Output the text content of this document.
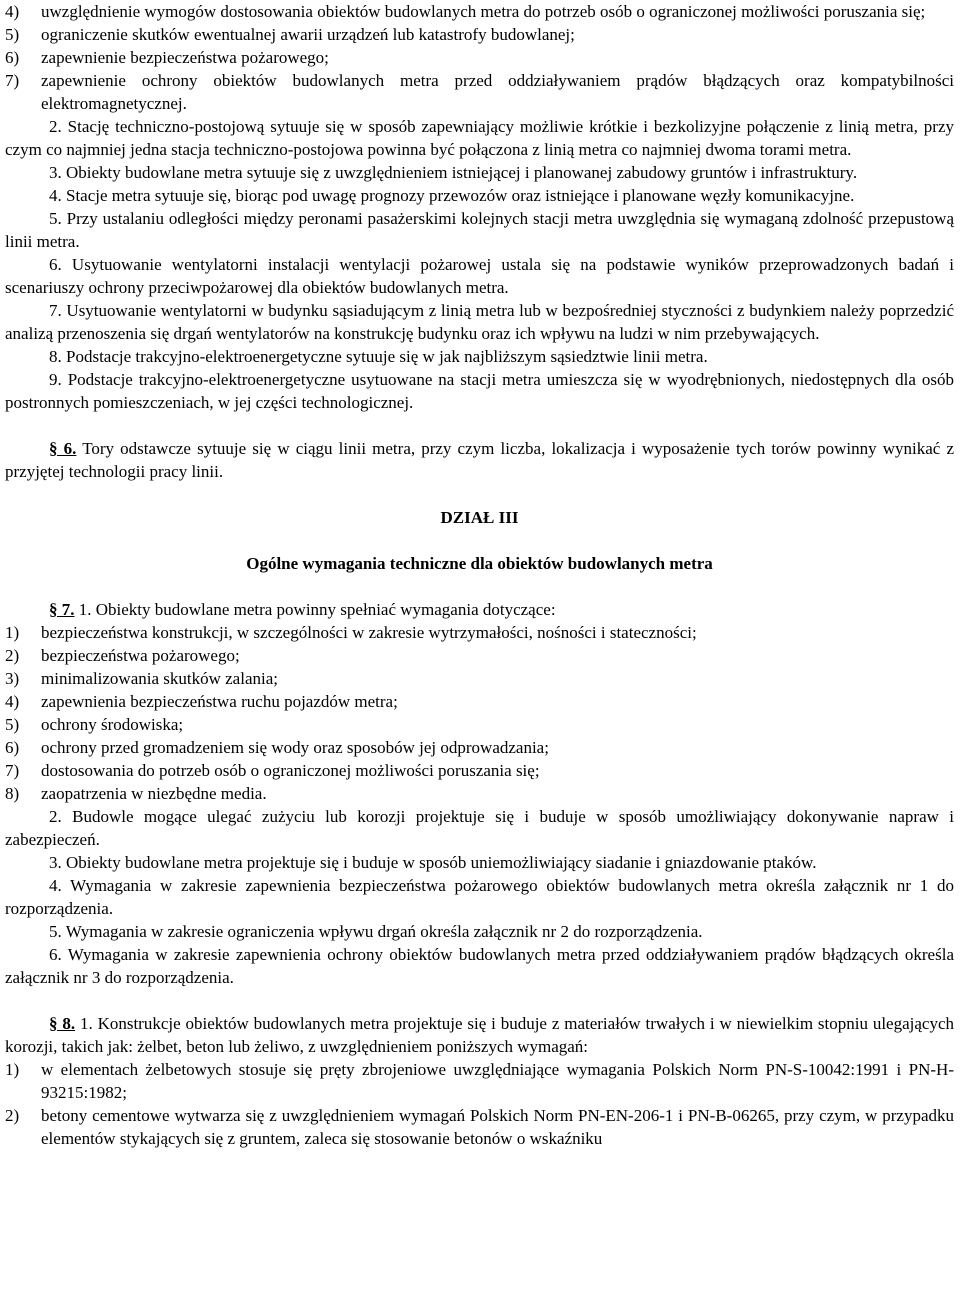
4)	uwzględnienie wymogów dostosowania obiektów budowlanych metra do potrzeb osób o ograniczonej możliwości poruszania się;
5)	ograniczenie skutków ewentualnej awarii urządzeń lub katastrofy budowlanej;
6)	zapewnienie bezpieczeństwa pożarowego;
7)	zapewnienie ochrony obiektów budowlanych metra przed oddziaływaniem prądów błądzących oraz kompatybilności elektromagnetycznej.

2. Stację techniczno-postojową sytuuje się w sposób zapewniający możliwie krótkie i bezkolizyjne połączenie z linią metra, przy czym co najmniej jedna stacja techniczno-postojowa powinna być połączona z linią metra co najmniej dwoma torami metra.

3. Obiekty budowlane metra sytuuje się z uwzględnieniem istniejącej i planowanej zabudowy gruntów i infrastruktury.

4. Stacje metra sytuuje się, biorąc pod uwagę prognozy przewozów oraz istniejące i planowane węzły komunikacyjne.

5. Przy ustalaniu odległości między peronami pasażerskimi kolejnych stacji metra uwzględnia się wymaganą zdolność przepustową linii metra.

6. Usytuowanie wentylatorni instalacji wentylacji pożarowej ustala się na podstawie wyników przeprowadzonych badań i scenariuszy ochrony przeciwpożarowej dla obiektów budowlanych metra.

7. Usytuowanie wentylatorni w budynku sąsiadującym z linią metra lub w bezpośredniej styczności z budynkiem należy poprzedzić analizą przenoszenia się drgań wentylatorów na konstrukcję budynku oraz ich wpływu na ludzi w nim przebywających.

8. Podstacje trakcyjno-elektroenergetyczne sytuuje się w jak najbliższym sąsiedztwie linii metra.

9. Podstacje trakcyjno-elektroenergetyczne usytuowane na stacji metra umieszcza się w wyodrębnionych, niedostępnych dla osób postronnych pomieszczeniach, w jej części technologicznej.

§ 6. Tory odstawcze sytuuje się w ciągu linii metra, przy czym liczba, lokalizacja i wyposażenie tych torów powinny wynikać z przyjętej technologii pracy linii.

DZIAŁ III

Ogólne wymagania techniczne dla obiektów budowlanych metra

§ 7. 1. Obiekty budowlane metra powinny spełniać wymagania dotyczące:

1)	bezpieczeństwa konstrukcji, w szczególności w zakresie wytrzymałości, nośności i stateczności;
2)	bezpieczeństwa pożarowego;
3)	minimalizowania skutków zalania;
4)	zapewnienia bezpieczeństwa ruchu pojazdów metra;
5)	ochrony środowiska;
6)	ochrony przed gromadzeniem się wody oraz sposobów jej odprowadzania;
7)	dostosowania do potrzeb osób o ograniczonej możliwości poruszania się;
8)	zaopatrzenia w niezbędne media.

2. Budowle mogące ulegać zużyciu lub korozji projektuje się i buduje w sposób umożliwiający dokonywanie napraw i zabezpieczeń.

3. Obiekty budowlane metra projektuje się i buduje w sposób uniemożliwiający siadanie i gniazdowanie ptaków.

4. Wymagania w zakresie zapewnienia bezpieczeństwa pożarowego obiektów budowlanych metra określa załącznik nr 1 do rozporządzenia.

5. Wymagania w zakresie ograniczenia wpływu drgań określa załącznik nr 2 do rozporządzenia.

6. Wymagania w zakresie zapewnienia ochrony obiektów budowlanych metra przed oddziaływaniem prądów błądzących określa załącznik nr 3 do rozporządzenia.

§ 8. 1. Konstrukcje obiektów budowlanych metra projektuje się i buduje z materiałów trwałych i w niewielkim stopniu ulegających korozji, takich jak: żelbet, beton lub żeliwo, z uwzględnieniem poniższych wymagań:

1)	w elementach żelbetowych stosuje się pręty zbrojeniowe uwzględniające wymagania Polskich Norm PN-S-10042:1991 i PN-H-93215:1982;
2)	betony cementowe wytwarza się z uwzględnieniem wymagań Polskich Norm PN-EN-206-1 i PN-B-06265, przy czym, w przypadku elementów stykających się z gruntem, zaleca się stosowanie betonów o wskaźniku
